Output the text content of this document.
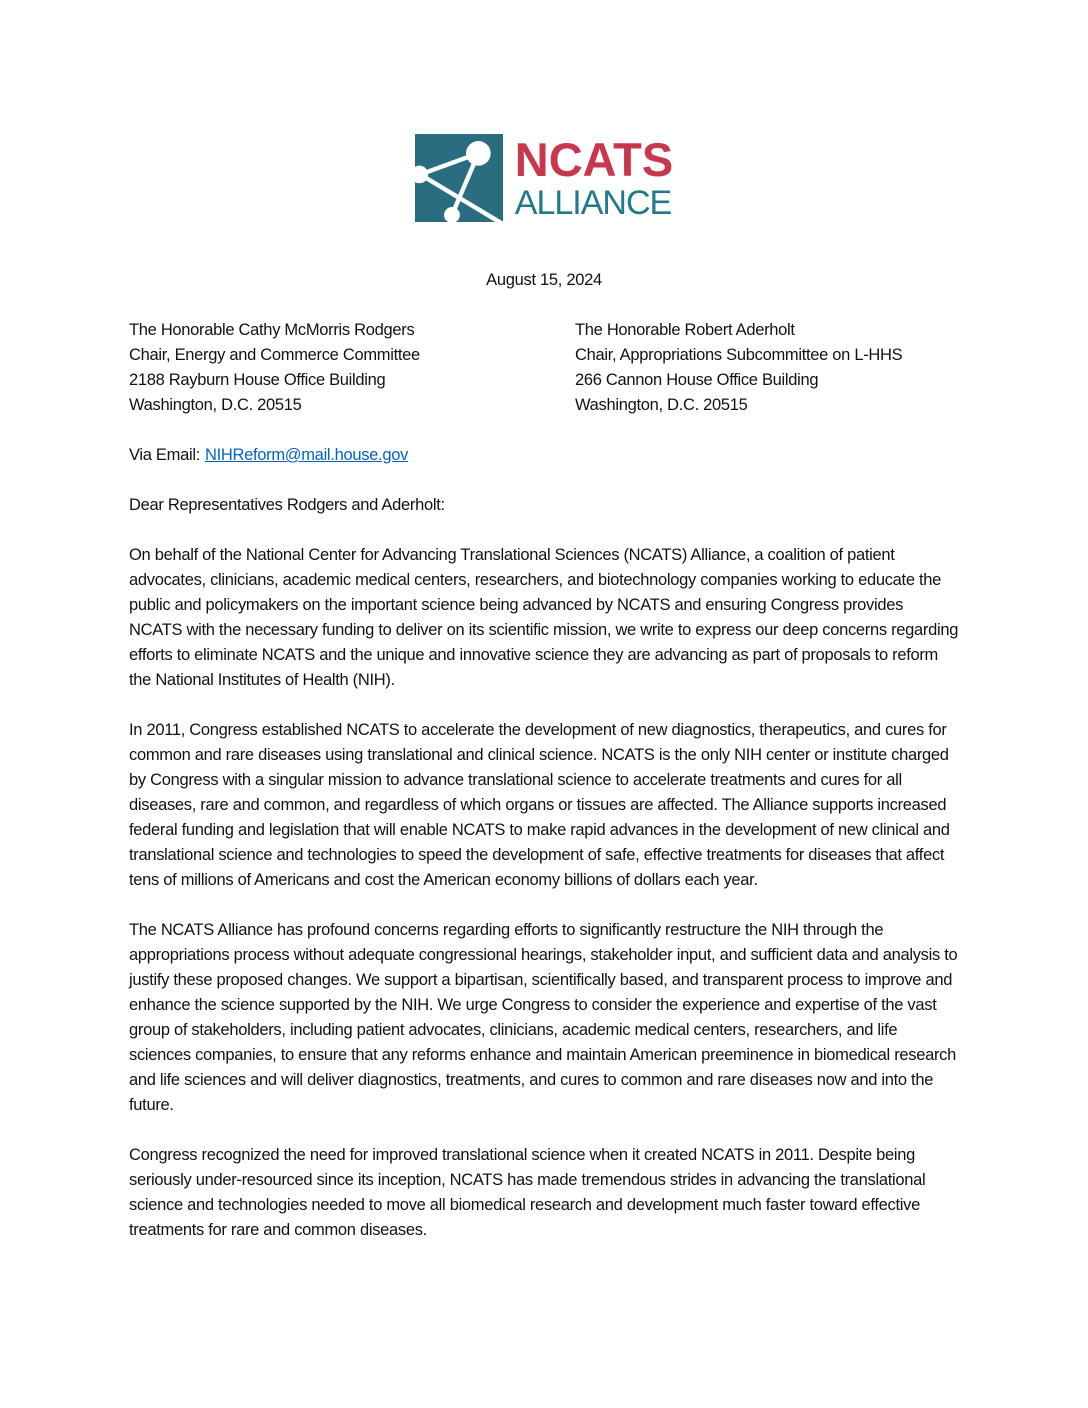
NCATS
ALLIANCE
August 15, 2024
The Honorable Cathy McMorris Rodgers
Chair, Energy and Commerce Committee
2188 Rayburn House Office Building
Washington, D.C. 20515
The Honorable Robert Aderholt
Chair, Appropriations Subcommittee on L-HHS
266 Cannon House Office Building
Washington, D.C. 20515
Via Email: NIHReform@mail.house.gov
Dear Representatives Rodgers and Aderholt:

On behalf of the National Center for Advancing Translational Sciences (NCATS) Alliance, a coalition of patient advocates, clinicians, academic medical centers, researchers, and biotechnology companies working to educate the public and policymakers on the important science being advanced by NCATS and ensuring Congress provides NCATS with the necessary funding to deliver on its scientific mission, we write to express our deep concerns regarding efforts to eliminate NCATS and the unique and innovative science they are advancing as part of proposals to reform the National Institutes of Health (NIH).

In 2011, Congress established NCATS to accelerate the development of new diagnostics, therapeutics, and cures for common and rare diseases using translational and clinical science. NCATS is the only NIH center or institute charged by Congress with a singular mission to advance translational science to accelerate treatments and cures for all diseases, rare and common, and regardless of which organs or tissues are affected. The Alliance supports increased federal funding and legislation that will enable NCATS to make rapid advances in the development of new clinical and translational science and technologies to speed the development of safe, effective treatments for diseases that affect tens of millions of Americans and cost the American economy billions of dollars each year.

The NCATS Alliance has profound concerns regarding efforts to significantly restructure the NIH through the appropriations process without adequate congressional hearings, stakeholder input, and sufficient data and analysis to justify these proposed changes. We support a bipartisan, scientifically based, and transparent process to improve and enhance the science supported by the NIH. We urge Congress to consider the experience and expertise of the vast group of stakeholders, including patient advocates, clinicians, academic medical centers, researchers, and life sciences companies, to ensure that any reforms enhance and maintain American preeminence in biomedical research and life sciences and will deliver diagnostics, treatments, and cures to common and rare diseases now and into the future.

Congress recognized the need for improved translational science when it created NCATS in 2011. Despite being seriously under-resourced since its inception, NCATS has made tremendous strides in advancing the translational science and technologies needed to move all biomedical research and development much faster toward effective treatments for rare and common diseases.
